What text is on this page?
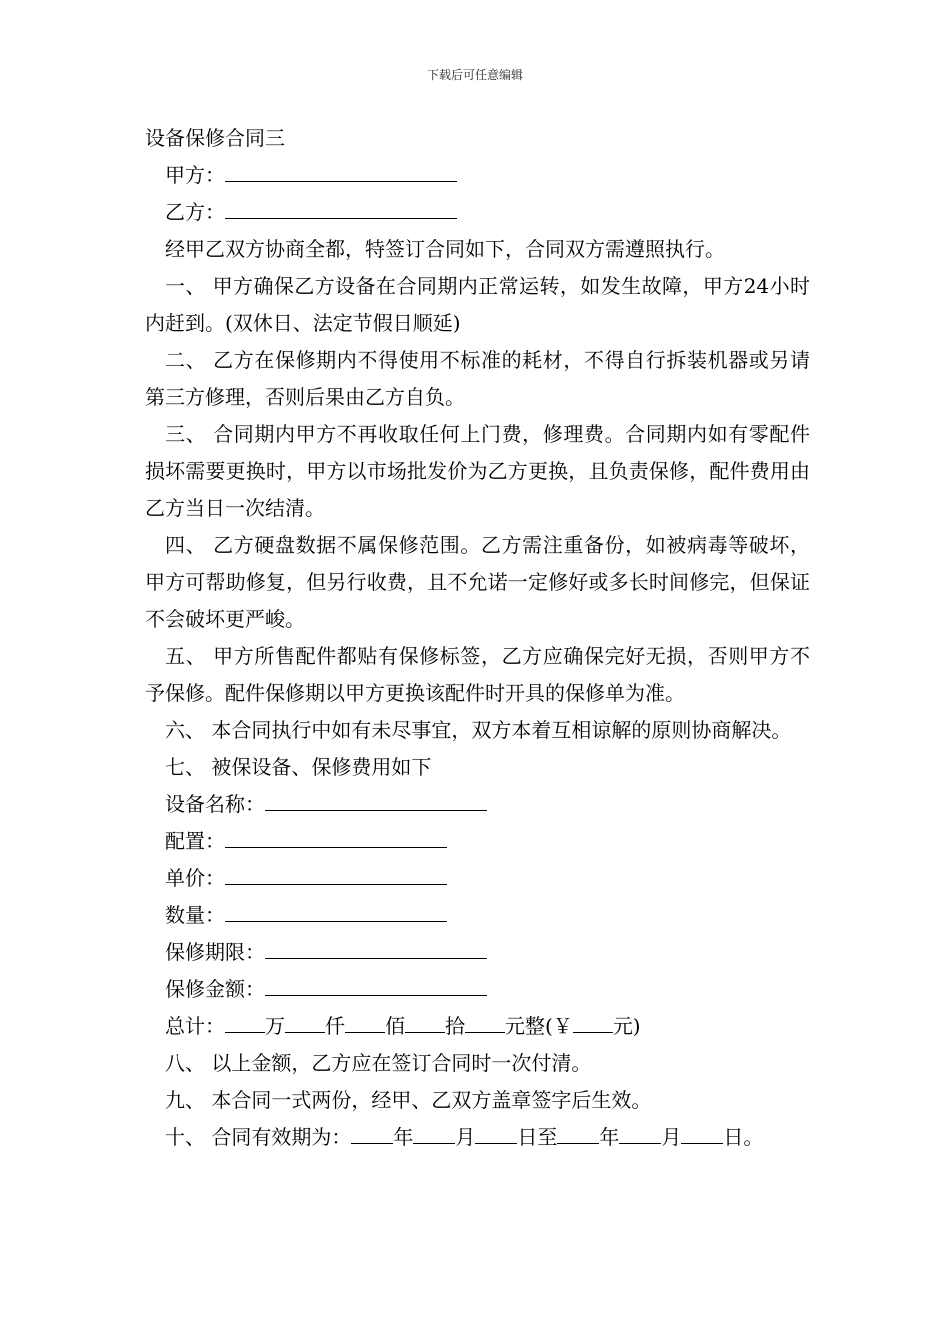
下载后可任意编辑
设备保修合同三
甲方：
乙方：
经甲乙双方协商全都，特签订合同如下，合同双方需遵照执行。
一、 甲方确保乙方设备在合同期内正常运转，如发生故障，甲方24小时内赶到。(双休日、法定节假日顺延)
二、 乙方在保修期内不得使用不标准的耗材，不得自行拆装机器或另请第三方修理，否则后果由乙方自负。
三、 合同期内甲方不再收取任何上门费，修理费。合同期内如有零配件损坏需要更换时，甲方以市场批发价为乙方更换，且负责保修，配件费用由乙方当日一次结清。
四、 乙方硬盘数据不属保修范围。乙方需注重备份，如被病毒等破坏，甲方可帮助修复，但另行收费，且不允诺一定修好或多长时间修完，但保证不会破坏更严峻。
五、 甲方所售配件都贴有保修标签，乙方应确保完好无损，否则甲方不予保修。配件保修期以甲方更换该配件时开具的保修单为准。
六、 本合同执行中如有未尽事宜，双方本着互相谅解的原则协商解决。
七、 被保设备、保修费用如下
设备名称：
配置：
单价：
数量：
保修期限：
保修金额：
总计： 万 仟 佰 拾 元整(￥ 元)
八、 以上金额，乙方应在签订合同时一次付清。
九、 本合同一式两份，经甲、乙双方盖章签字后生效。
十、 合同有效期为： 年 月 日至 年 月 日。
